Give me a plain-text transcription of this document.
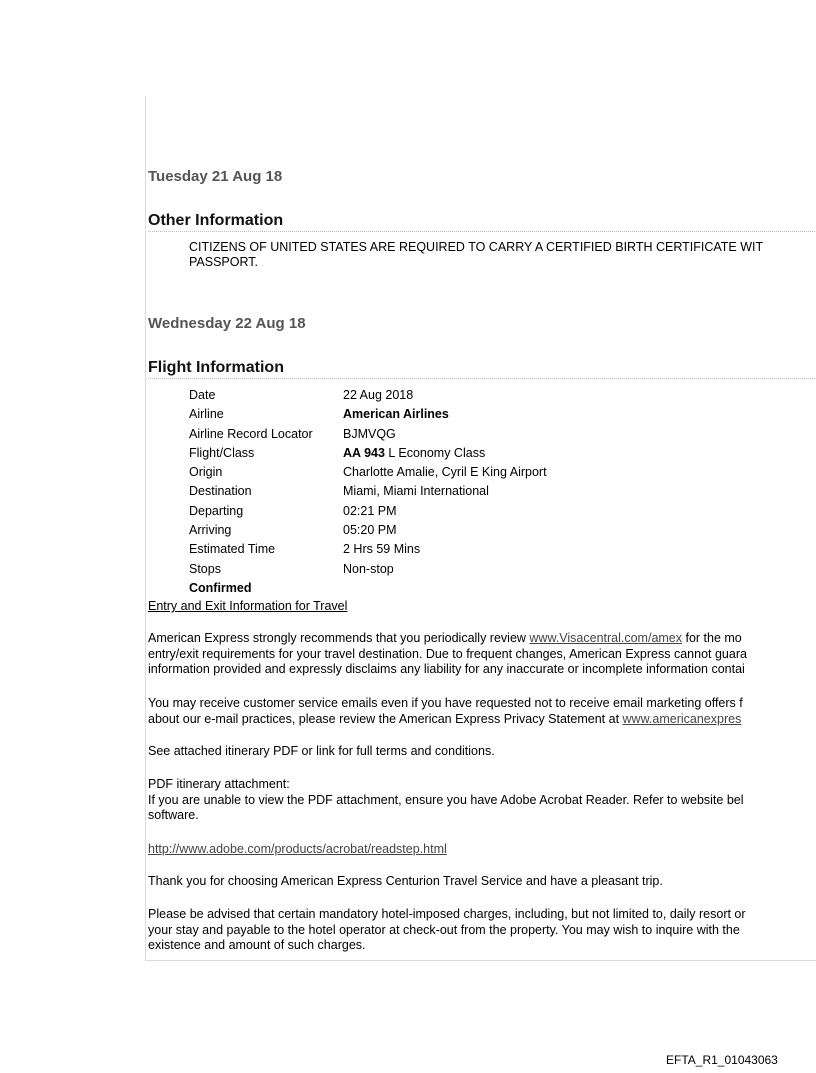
Tuesday 21 Aug 18
Other Information
CITIZENS OF UNITED STATES ARE REQUIRED TO CARRY A CERTIFIED BIRTH CERTIFICATE WIT
PASSPORT.
Wednesday 22 Aug 18
Flight Information
Date	22 Aug 2018
Airline	American Airlines
Airline Record Locator	BJMVQG
Flight/Class	AA 943 L Economy Class
Origin	Charlotte Amalie, Cyril E King Airport
Destination	Miami, Miami International
Departing	02:21 PM
Arriving	05:20 PM
Estimated Time	2 Hrs 59 Mins
Stops	Non-stop
Confirmed
Entry and Exit Information for Travel
American Express strongly recommends that you periodically review www.Visacentral.com/amex for the mo
entry/exit requirements for your travel destination. Due to frequent changes, American Express cannot guara
information provided and expressly disclaims any liability for any inaccurate or incomplete information contai
You may receive customer service emails even if you have requested not to receive email marketing offers f
about our e-mail practices, please review the American Express Privacy Statement at www.americanexpres
See attached itinerary PDF or link for full terms and conditions.
PDF itinerary attachment:
If you are unable to view the PDF attachment, ensure you have Adobe Acrobat Reader. Refer to website bel
software.
http://www.adobe.com/products/acrobat/readstep.html
Thank you for choosing American Express Centurion Travel Service and have a pleasant trip.
Please be advised that certain mandatory hotel-imposed charges, including, but not limited to, daily resort or
your stay and payable to the hotel operator at check-out from the property. You may wish to inquire with the
existence and amount of such charges.
EFTA_R1_01043063
